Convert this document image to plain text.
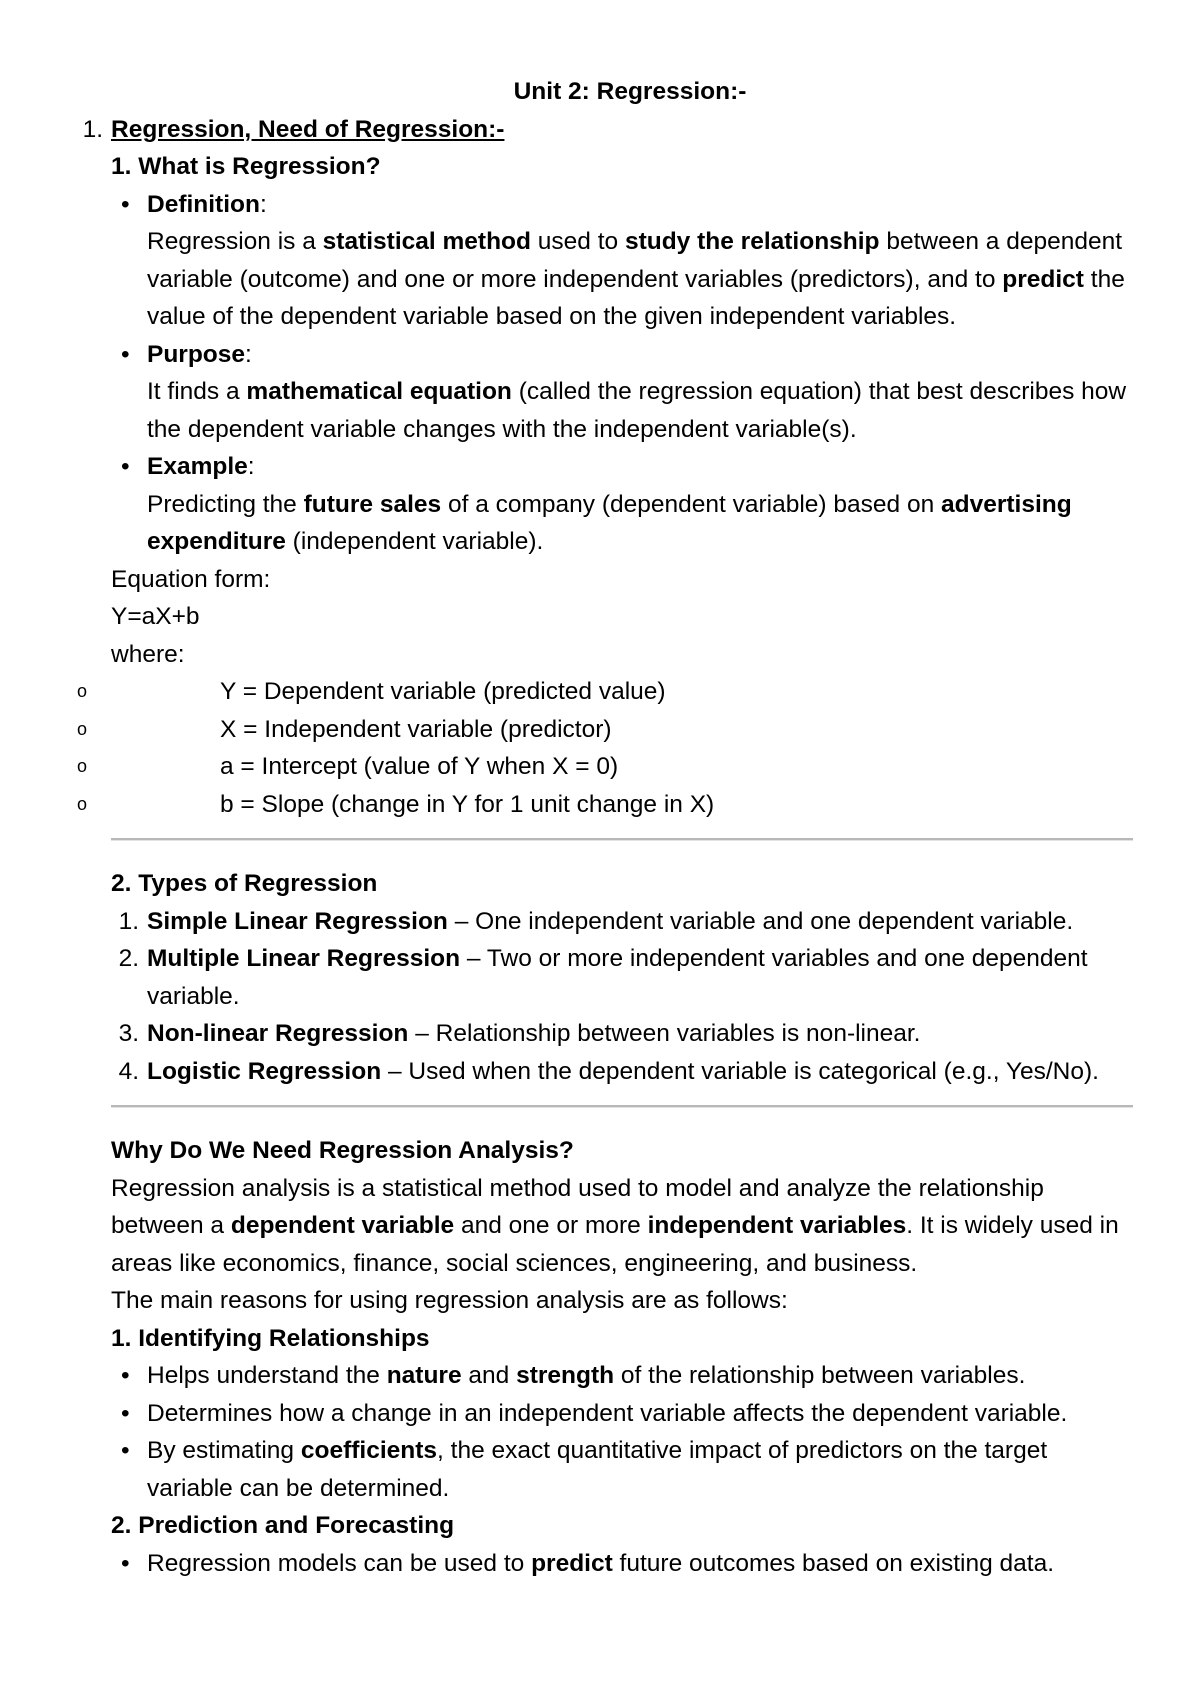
Unit 2: Regression:-
1. Regression, Need of Regression:-
1. What is Regression?
• Definition:
Regression is a statistical method used to study the relationship between a dependent variable (outcome) and one or more independent variables (predictors), and to predict the value of the dependent variable based on the given independent variables.
• Purpose:
It finds a mathematical equation (called the regression equation) that best describes how the dependent variable changes with the independent variable(s).
• Example:
Predicting the future sales of a company (dependent variable) based on advertising expenditure (independent variable).
Equation form:
Y=aX+b
where:
o	Y = Dependent variable (predicted value)
o	X = Independent variable (predictor)
o	a = Intercept (value of Y when X = 0)
o	b = Slope (change in Y for 1 unit change in X)
2. Types of Regression
1. Simple Linear Regression – One independent variable and one dependent variable.
2. Multiple Linear Regression – Two or more independent variables and one dependent variable.
3. Non-linear Regression – Relationship between variables is non-linear.
4. Logistic Regression – Used when the dependent variable is categorical (e.g., Yes/No).
Why Do We Need Regression Analysis?
Regression analysis is a statistical method used to model and analyze the relationship between a dependent variable and one or more independent variables. It is widely used in areas like economics, finance, social sciences, engineering, and business.
The main reasons for using regression analysis are as follows:
1. Identifying Relationships
• Helps understand the nature and strength of the relationship between variables.
• Determines how a change in an independent variable affects the dependent variable.
• By estimating coefficients, the exact quantitative impact of predictors on the target variable can be determined.
2. Prediction and Forecasting
• Regression models can be used to predict future outcomes based on existing data.
